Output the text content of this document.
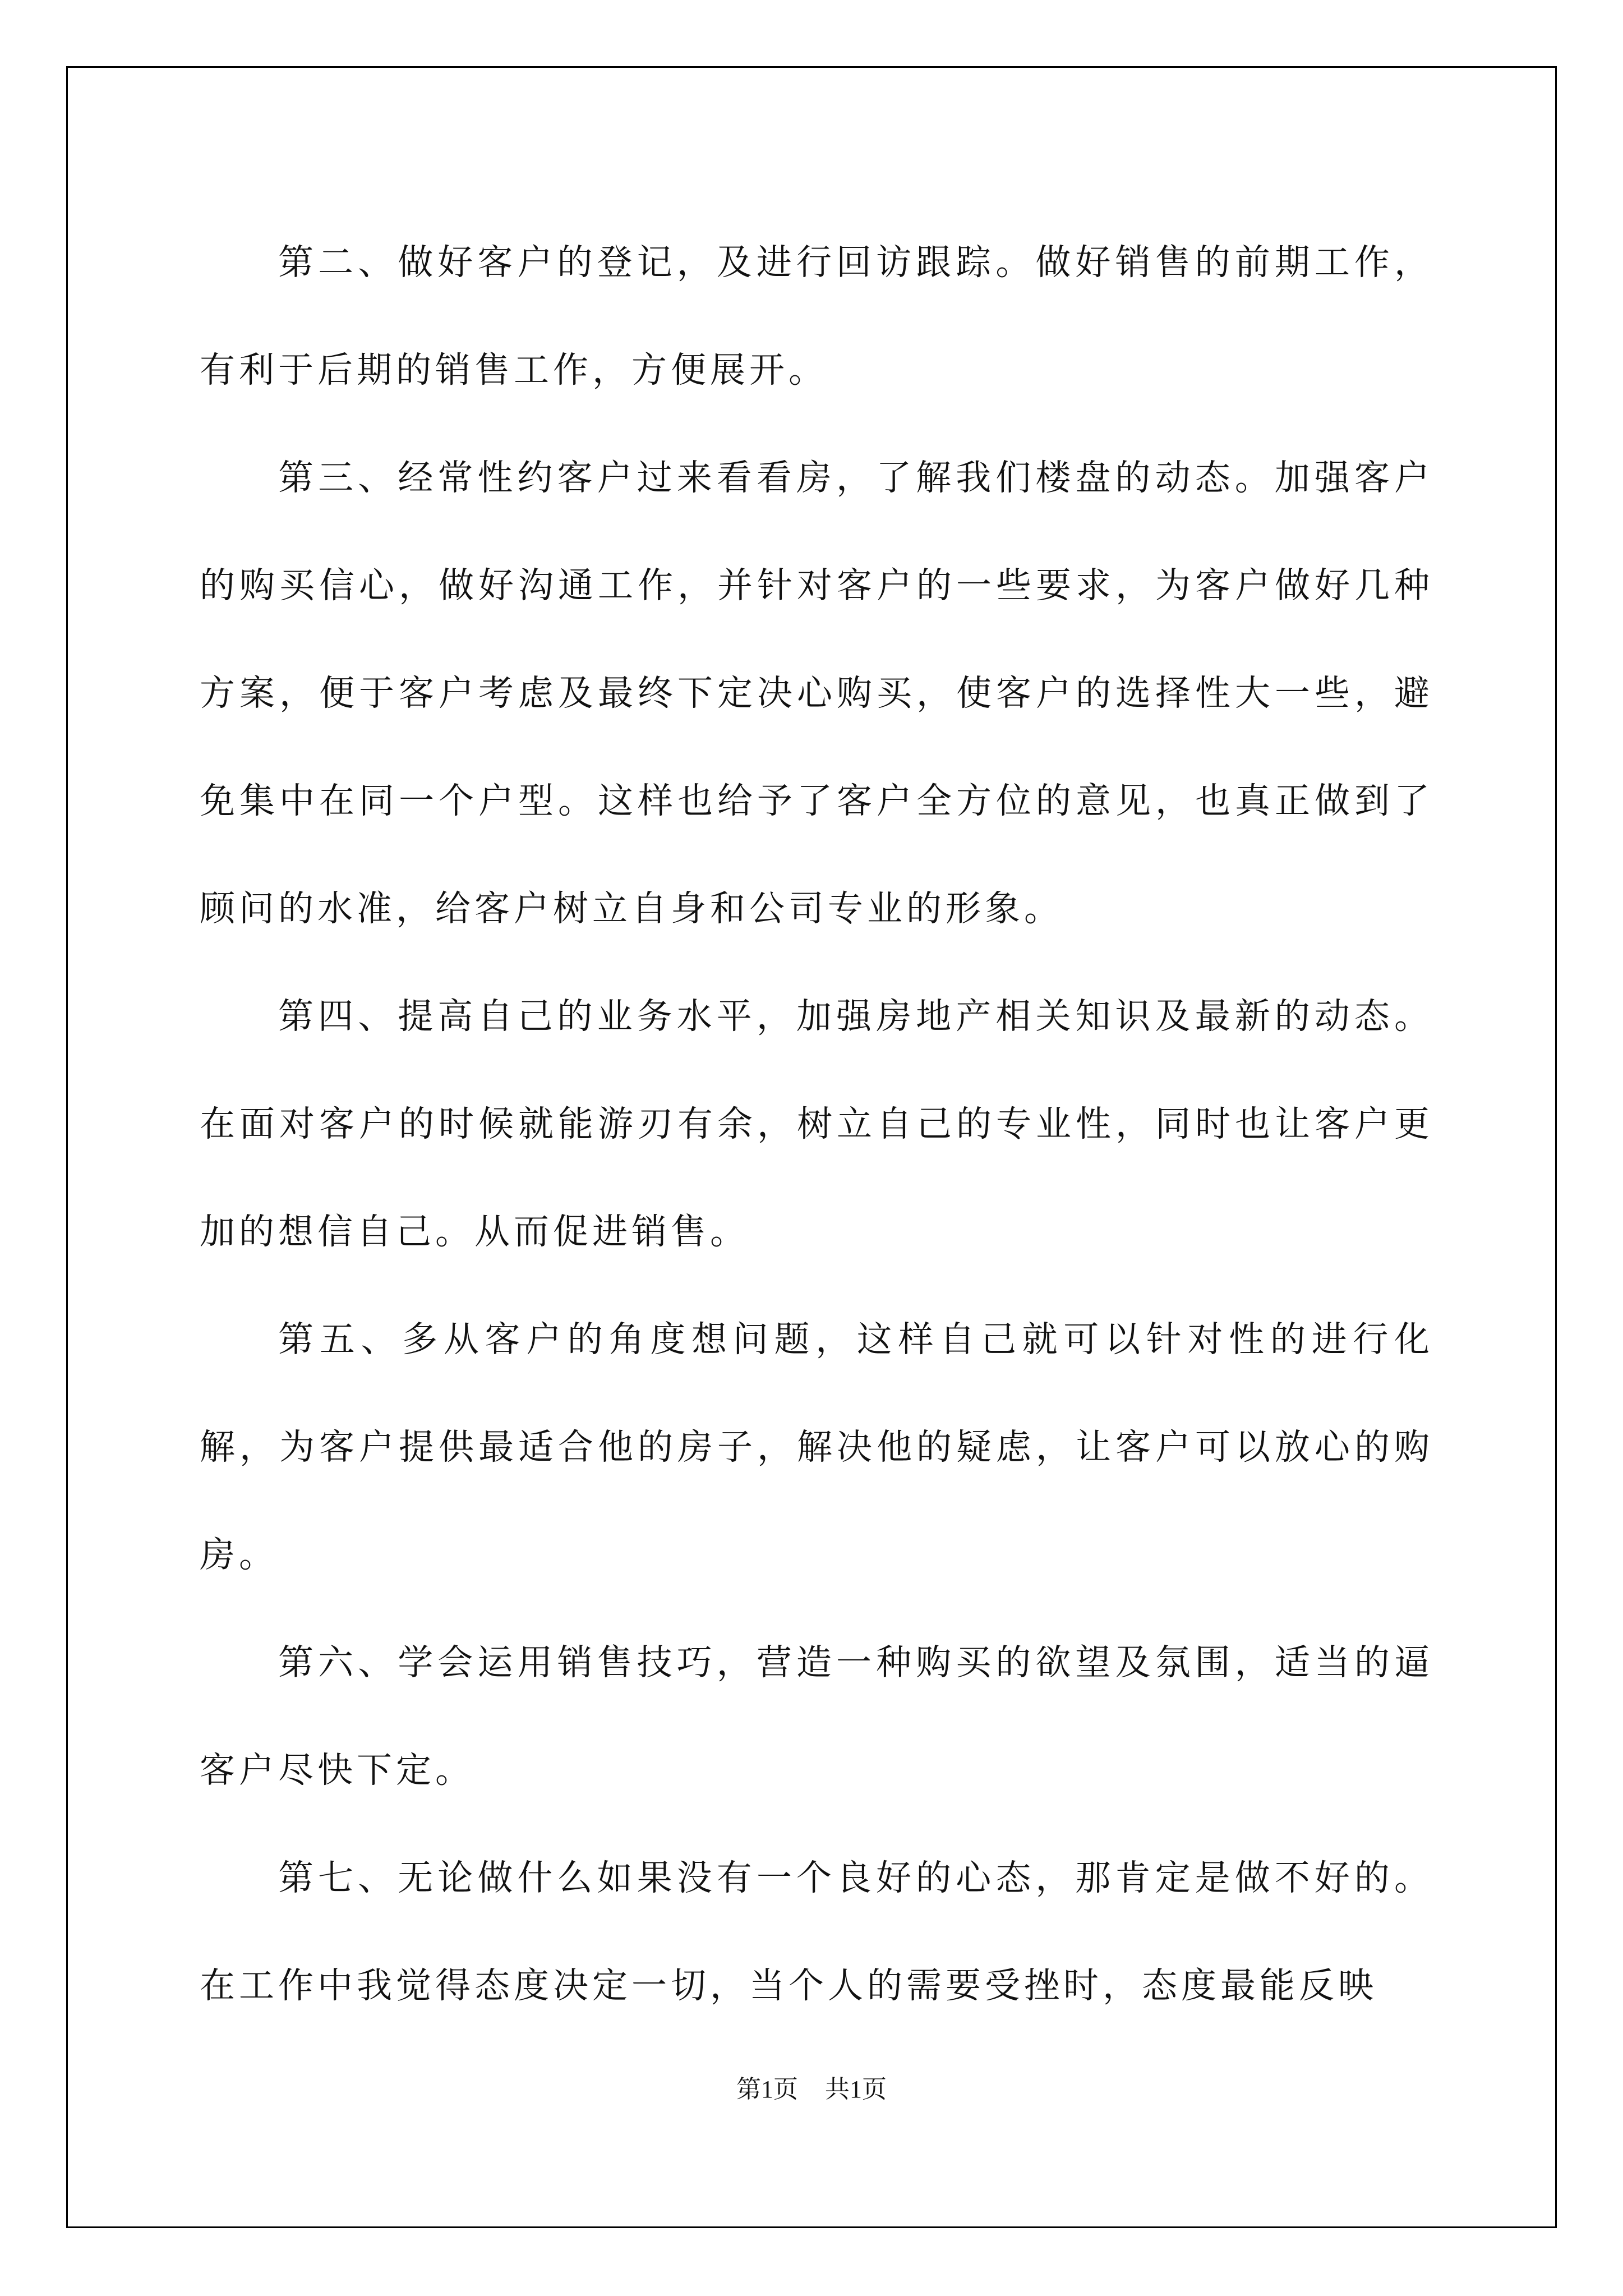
第二、做好客户的登记，及进行回访跟踪。做好销售的前期工作，有利于后期的销售工作，方便展开。

第三、经常性约客户过来看看房，了解我们楼盘的动态。加强客户的购买信心，做好沟通工作，并针对客户的一些要求，为客户做好几种方案，便于客户考虑及最终下定决心购买，使客户的选择性大一些，避免集中在同一个户型。这样也给予了客户全方位的意见，也真正做到了顾问的水准，给客户树立自身和公司专业的形象。

第四、提高自己的业务水平，加强房地产相关知识及最新的动态。在面对客户的时候就能游刃有余，树立自己的专业性，同时也让客户更加的想信自己。从而促进销售。

第五、多从客户的角度想问题，这样自己就可以针对性的进行化解，为客户提供最适合他的房子，解决他的疑虑，让客户可以放心的购房。

第六、学会运用销售技巧，营造一种购买的欲望及氛围，适当的逼客户尽快下定。

第七、无论做什么如果没有一个良好的心态，那肯定是做不好的。在工作中我觉得态度决定一切，当个人的需要受挫时，态度最能反映

第1页 共1页
